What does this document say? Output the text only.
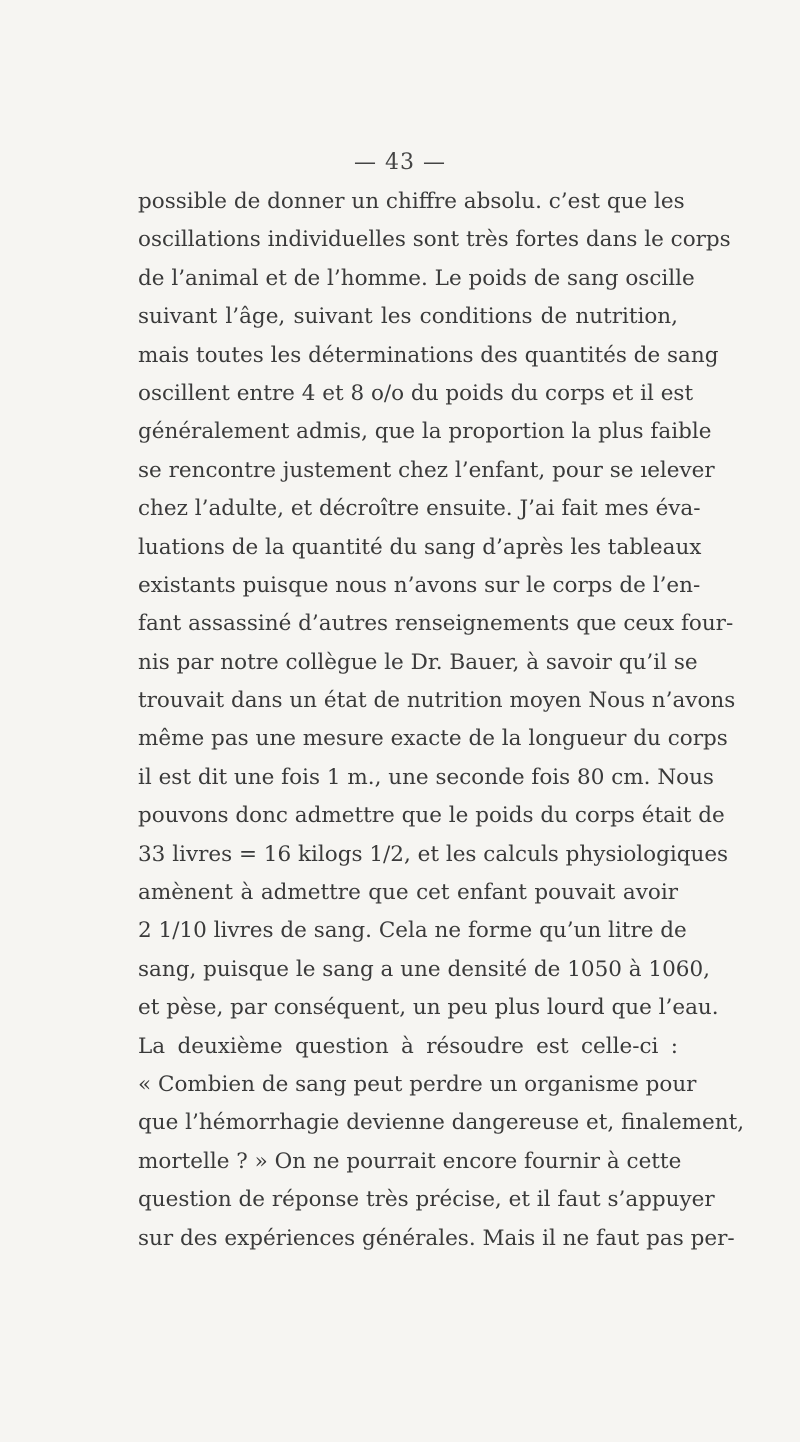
— 43 —
possible de donner un chiffre absolu. c’est que les
oscillations individuelles sont très fortes dans le corps
de l’animal et de l’homme. Le poids de sang oscille
suivant l’âge, suivant les conditions de nutrition,
mais toutes les déterminations des quantités de sang
oscillent entre 4 et 8 o/o du poids du corps et il est
généralement admis, que la proportion la plus faible
se rencontre justement chez l’enfant, pour se ıelever
chez l’adulte, et décroître ensuite. J’ai fait mes éva-
luations de la quantité du sang d’après les tableaux
existants puisque nous n’avons sur le corps de l’en-
fant assassiné d’autres renseignements que ceux four-
nis par notre collègue le Dr. Bauer, à savoir qu’il se
trouvait dans un état de nutrition moyen Nous n’avons
même pas une mesure exacte de la longueur du corps
il est dit une fois 1 m., une seconde fois 80 cm. Nous
pouvons donc admettre que le poids du corps était de
33 livres = 16 kilogs 1/2, et les calculs physiologiques
amènent à admettre que cet enfant pouvait avoir
2 1/10 livres de sang. Cela ne forme qu’un litre de
sang, puisque le sang a une densité de 1050 à 1060,
et pèse, par conséquent, un peu plus lourd que l’eau.
La deuxième question à résoudre est celle-ci :
« Combien de sang peut perdre un organisme pour
que l’hémorrhagie devienne dangereuse et, finalement,
mortelle ? » On ne pourrait encore fournir à cette
question de réponse très précise, et il faut s’appuyer
sur des expériences générales. Mais il ne faut pas per-
